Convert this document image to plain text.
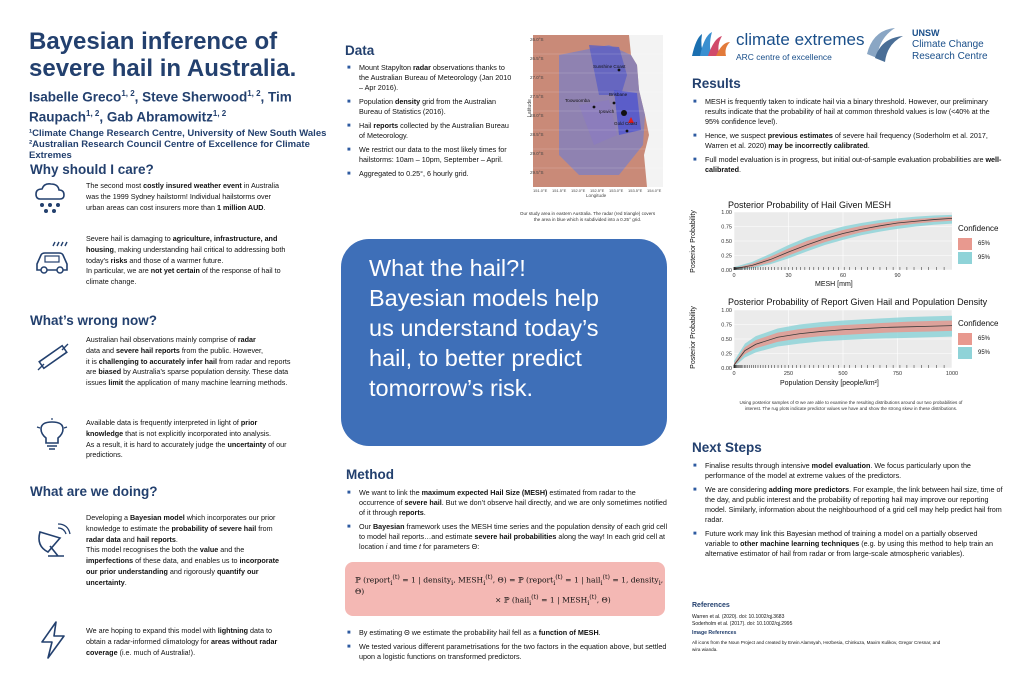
Bayesian inference of
severe hail in Australia.
Isabelle Greco$^{1, 2}$, Steve Sherwood$^{1, 2}$, Tim
Raupach$^{1, 2}$, Gab Abramowitz$^{1, 2}$
¹Climate Change Research Centre, University of New South Wales
²Australian Research Council Centre of Excellence for Climate
Extremes
Why should I care?
The second most costly insured weather event in Australia
was the 1999 Sydney hailstorm! Individual hailstorms over
urban areas can cost insurers more than 1 million AUD.
Severe hail is damaging to agriculture, infrastructure, and
housing, making understanding hail critical to addressing both
today’s risks and those of a warmer future.
In particular, we are not yet certain of the response of hail to
climate change.
What’s wrong now?
Australian hail observations mainly comprise of radar
data and severe hail reports from the public. However,
it is challenging to accurately infer hail from radar and reports
are biased by Australia’s sparse population density. These data
issues limit the application of many machine learning methods.
Available data is frequently interpreted in light of prior
knowledge that is not explicitly incorporated into analysis.
As a result, it is hard to accurately judge the uncertainty of our
predictions.
What are we doing?
Developing a Bayesian model which incorporates our prior
knowledge to estimate the probability of severe hail from
radar data and hail reports.
This model recognises the both the value and the
imperfections of these data, and enables us to incorporate
our prior understanding and rigorously quantify our
uncertainty.
We are hoping to expand this model with lightning data to
obtain a radar-informed climatology for areas without radar
coverage (i.e. much of Australia!).
Data
■ Mount Stapylton radar observations thanks to the Australian Bureau of Meteorology (Jan 2010 – Apr 2016).
■ Population density grid from the Australian Bureau of Statistics (2016).
■ Hail reports collected by the Australian Bureau of Meteorology.
■ We restrict our data to the most likely times for hailstorms: 10am – 10pm, September – April.
■ Aggregated to 0.25°, 6 hourly grid.
26.0°S
26.5°S
27.0°S
27.5°S
28.0°S
28.5°S
29.0°S
29.5°S
Latitude
151.0°E 151.5°E 152.0°E 152.5°E 153.0°E 153.5°E 154.0°E
Longitude
Sunshine Coast
Brisbane
Toowoomba
Ipswich
Gold Coast
Our study area in eastern Australia. The radar (red triangle) covers
the area in blue which is subdivided into a 0.25° grid.
What the hail?!
Bayesian models help
us understand today’s
hail, to better predict
tomorrow’s risk.
Method
■ We want to link the maximum expected Hail Size (MESH) estimated from radar to the occurrence of severe hail. But we don’t observe hail directly, and we are only sometimes notified of it through reports.
■ Our Bayesian framework uses the MESH time series and the population density of each grid cell to model hail reports…and estimate severe hail probabilities along the way! In each grid cell at location i and time t for parameters Θ:
ℙ (report$_i^{(t)}$ = 1 | density$_i$, $MESH_i^{(t)}$, Θ) = ℙ (report$_i^{(t)}$ = 1 | hail$_i^{(t)}$ = 1, density$_i$, Θ)
× ℙ (hail$_i^{(t)}$ = 1 | $MESH_i^{(t)}$, Θ)
■ By estimating Θ we estimate the probability hail fell as a function of MESH.
■ We tested various different parametrisations for the two factors in the equation above, but settled upon a logistic functions on transformed predictors.
climate extremes
ARC centre of excellence
UNSW
Climate Change
Research Centre
Results
■ MESH is frequently taken to indicate hail via a binary threshold. However, our preliminary results indicate that the probability of hail at common threshold values is low (<40% at the 95% confidence level).
■ Hence, we suspect previous estimates of severe hail frequency (Soderholm et al. 2017, Warren et al. 2020) may be incorrectly calibrated.
■ Full model evaluation is in progress, but initial out-of-sample evaluation probabilities are well-calibrated.
Posterior Probability of Hail Given MESH
0	30	60	90
0.00
0.25
0.50
0.75
1.00
Confidence
65%
95%
MESH [mm]
Posterior Probability
Posterior Probability of Report Given Hail and Population Density
0	250	500	750	1000
0.00
0.25
0.50
0.75
1.00
Confidence
65%
95%
Population Density [people/km²]
Posterior Probability
Using posterior samples of Θ we are able to examine the resulting distributions around our two probabilities of
interest. The rug plots indicate predictor values we have and show the strong skew in these distributions.
Next Steps
■ Finalise results through intensive model evaluation. We focus particularly upon the performance of the model at extreme values of the predictors.
■ We are considering adding more predictors. For example, the link between hail size, time of the day, and public interest and the probability of reporting hail may improve our reporting model. Similarly, information about the neighbourhood of a grid cell may help predict hail from radar.
■ Future work may link this Bayesian method of training a model on a partially observed variable to other machine learning techniques (e.g. by using this method to help train an alternative estimator of hail from radar or from large-scale atmospheric variables).
References
Warren et al. (2020). doi: 10.1002/qj.3683
Soderholm et al. (2017). doi: 10.1002/qj.2995
Image References
All icons from the Noun Project and created by Erwin Alamsyah, Hezbesia, Chinkuza, Maxim Kulikov, Gregor Cresnar, and
wira wianda.
